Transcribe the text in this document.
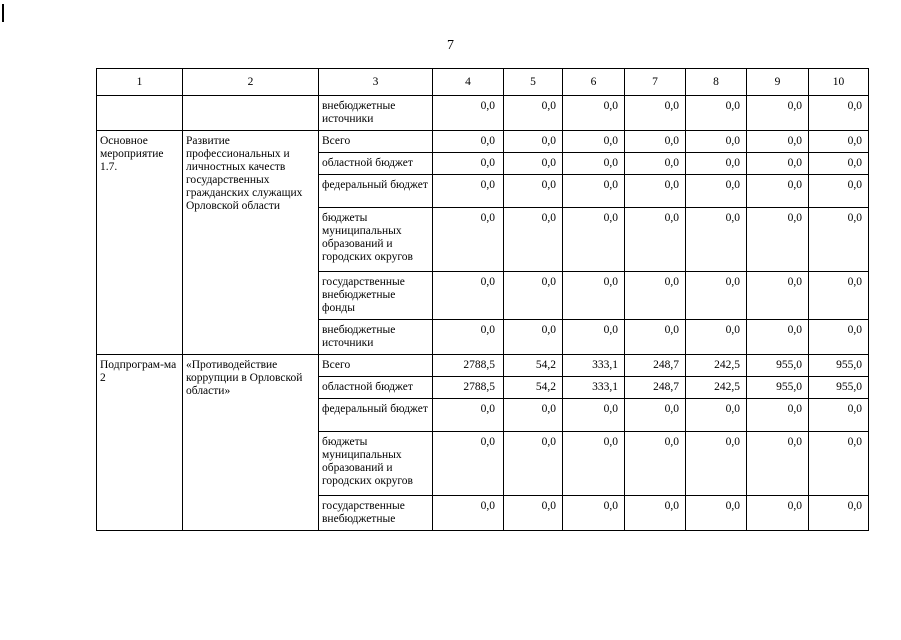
7
1	2	3	4	5	6	7	8	9	10
		внебюджетные источники	0,0	0,0	0,0	0,0	0,0	0,0	0,0
Основное мероприятие 1.7.	Развитие профессиональных и личностных качеств государственных гражданских служащих Орловской области	Всего	0,0	0,0	0,0	0,0	0,0	0,0	0,0
		областной бюджет	0,0	0,0	0,0	0,0	0,0	0,0	0,0
		федеральный бюджет	0,0	0,0	0,0	0,0	0,0	0,0	0,0
		бюджеты муниципальных образований и городских округов	0,0	0,0	0,0	0,0	0,0	0,0	0,0
		государственные внебюджетные фонды	0,0	0,0	0,0	0,0	0,0	0,0	0,0
		внебюджетные источники	0,0	0,0	0,0	0,0	0,0	0,0	0,0
Подпрограм-ма 2	«Противодействие коррупции в Орловской области»	Всего	2788,5	54,2	333,1	248,7	242,5	955,0	955,0
		областной бюджет	2788,5	54,2	333,1	248,7	242,5	955,0	955,0
		федеральный бюджет	0,0	0,0	0,0	0,0	0,0	0,0	0,0
		бюджеты муниципальных образований и городских округов	0,0	0,0	0,0	0,0	0,0	0,0	0,0
		государственные внебюджетные	0,0	0,0	0,0	0,0	0,0	0,0	0,0
